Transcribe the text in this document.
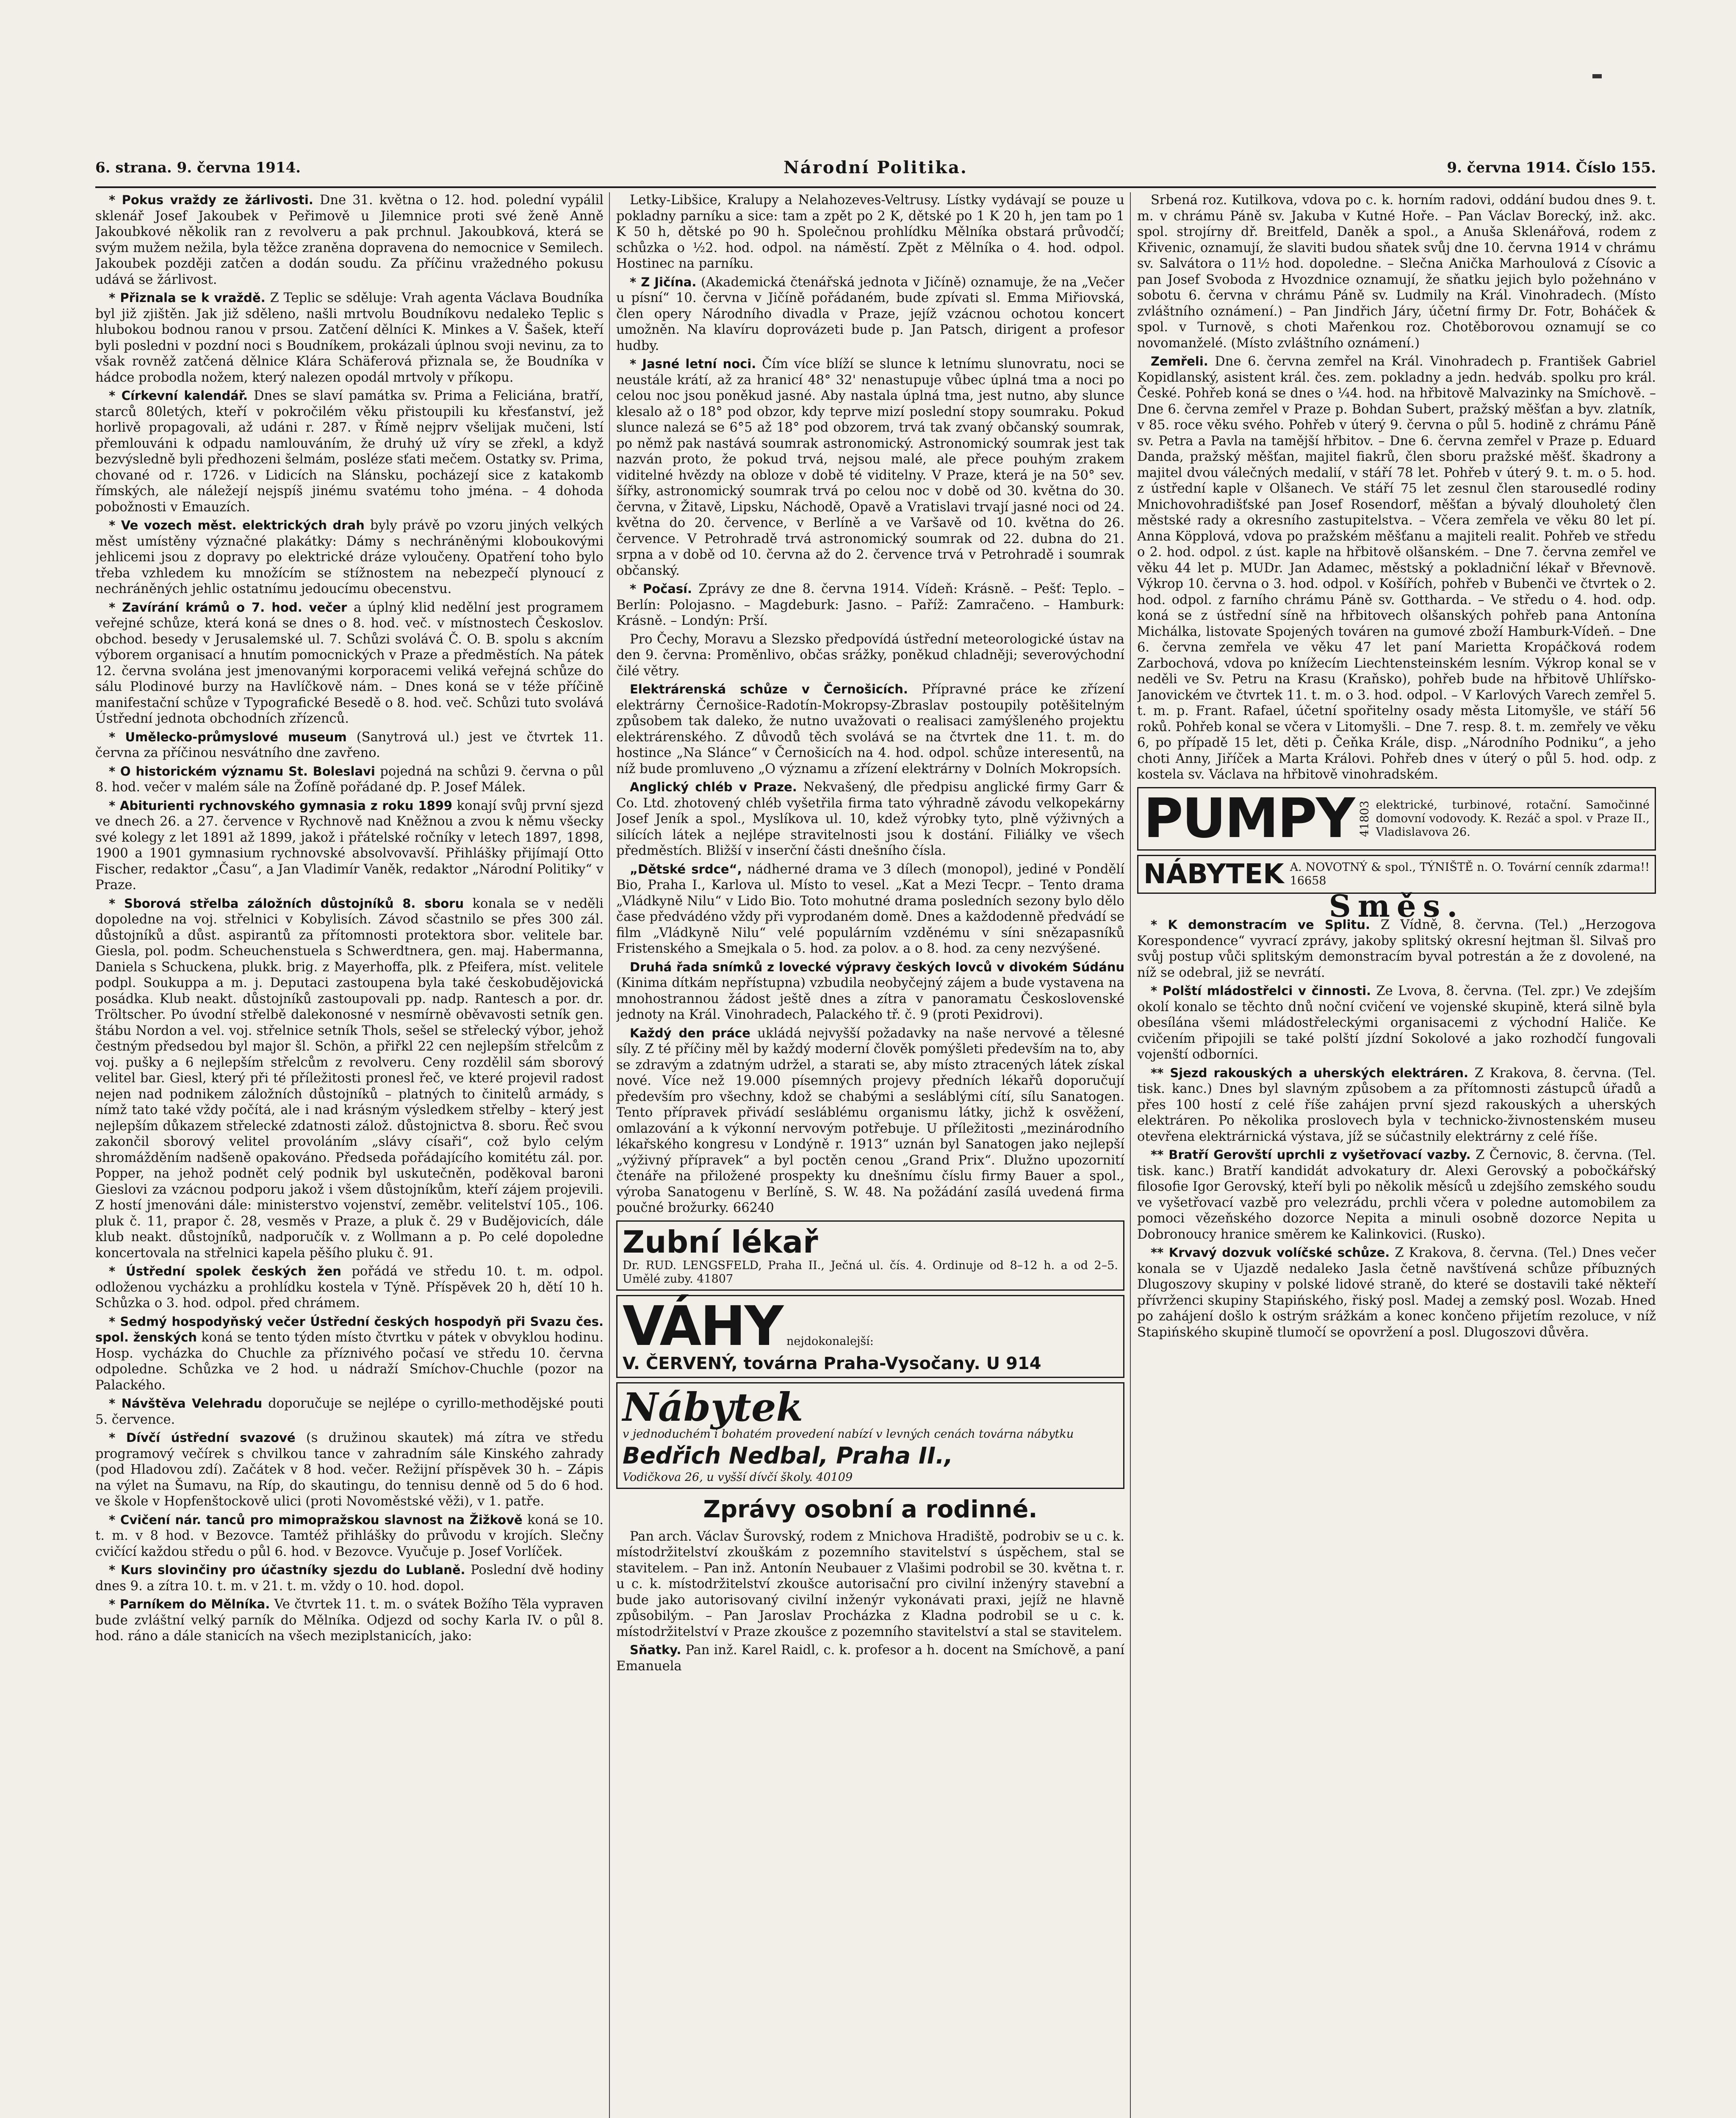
6. strana. 9. června 1914.	Národní Politika.	9. června 1914. Číslo 155.

* Pokus vraždy ze žárlivosti. Dne 31. května o 12. hod. polední vypálil sklenář Josef Jakoubek v Peřimově u Jilemnice proti své ženě Anně Jakoubkové několik ran z revolveru a pak prchnul. Jakoubková, která se svým mužem nežila, byla těžce zraněna dopravena do nemocnice v Semilech. Jakoubek později zatčen a dodán soudu. Za příčinu vražedného pokusu udává se žárlivost.

* Přiznala se k vraždě. Z Teplic se sděluje: Vrah agenta Václava Boudníka byl již zjištěn. Jak již sděleno, našli mrtvolu Boudníkovu nedaleko Teplic s hlubokou bodnou ranou v prsou. Zatčení dělníci K. Minkes a V. Šašek, kteří byli posledni v pozdní noci s Boudníkem, prokázali úplnou svoji nevinu, za to však rovněž zatčená dělnice Klára Schäferová přiznala se, že Boudníka v hádce probodla nožem, který nalezen opodál mrtvoly v příkopu.

* Církevní kalendář. Dnes se slaví památka sv. Prima a Feliciána, bratří, starců 80letých, kteří v pokročilém věku přistoupili ku křesťanství, jež horlivě propagovali, až udáni r. 287. v Římě nejprv všelijak mučeni, lstí přemlouváni k odpadu namlouváním, že druhý už víry se zřekl, a když bezvýsledně byli předhozeni šelmám, posléze sťati mečem. Ostatky sv. Prima, chované od r. 1726. v Lidicích na Slánsku, pocházejí sice z katakomb římských, ale náležejí nejspíš jinému svatému toho jména. – 4 dohoda pobožnosti v Emauzích.

* Ve vozech měst. elektrických drah byly právě po vzoru jiných velkých měst umístěny význačné plakátky: Dámy s nechráněnými kloboukovými jehlicemi jsou z dopravy po elektrické dráze vyloučeny. Opatření toho bylo třeba vzhledem ku množícím se stížnostem na nebezpečí plynoucí z nechráněných jehlic ostatnímu jedoucímu obecenstvu.

* Zavírání krámů o 7. hod. večer a úplný klid nedělní jest programem veřejné schůze, která koná se dnes o 8. hod. več. v místnostech Českoslov. obchod. besedy v Jerusalemské ul. 7. Schůzi svolává Č. O. B. spolu s akcním výborem organisací a hnutím pomocnických v Praze a předměstích. Na pátek 12. června svolána jest jmenovanými korporacemi veliká veřejná schůze do sálu Plodinové burzy na Havlíčkově nám. – Dnes koná se v téže příčině manifestační schůze v Typografické Besedě o 8. hod. več. Schůzi tuto svolává Ústřední jednota obchodních zřízenců.

* Umělecko-průmyslové museum (Sanytrová ul.) jest ve čtvrtek 11. června za příčinou nesvátního dne zavřeno.

* O historickém významu St. Boleslavi pojedná na schůzi 9. června o půl 8. hod. večer v malém sále na Žofíně pořádané dp. P. Josef Málek.

* Abiturienti rychnovského gymnasia z roku 1899 konají svůj první sjezd ve dnech 26. a 27. července v Rychnově nad Kněžnou a zvou k němu všecky své kolegy z let 1891 až 1899, jakož i přátelské ročníky v letech 1897, 1898, 1900 a 1901 gymnasium rychnovské absolvovavší. Přihlášky přijímají Otto Fischer, redaktor „Času“, a Jan Vladimír Vaněk, redaktor „Národní Politiky“ v Praze.

* Sborová střelba záložních důstojníků 8. sboru konala se v neděli dopoledne na voj. střelnici v Kobylisích. Závod sčastnilo se přes 300 zál. důstojníků a důst. aspirantů za přítomnosti protektora sbor. velitele bar. Giesla, pol. podm. Scheuchenstuela s Schwerdtnera, gen. maj. Habermanna, Daniela s Schuckena, plukk. brig. z Mayerhoffa, plk. z Pfeifera, míst. velitele podpl. Soukuppa a m. j. Deputaci zastoupena byla také českobudějovická posádka. Klub neakt. důstojníků zastoupovali pp. nadp. Rantesch a por. dr. Tröltscher. Po úvodní střelbě dalekonosné v nesmírně oběvavosti setník gen. štábu Nordon a vel. voj. střelnice setník Thols, sešel se střelecký výbor, jehož čestným předsedou byl major šl. Schön, a přiřkl 22 cen nejlepším střelcům z voj. pušky a 6 nejlepším střelcům z revolveru. Ceny rozdělil sám sborový velitel bar. Giesl, který při té příležitosti pronesl řeč, ve které projevil radost nejen nad podnikem záložních důstojníků – platných to činitelů armády, s nímž tato také vždy počítá, ale i nad krásným výsledkem střelby – který jest nejlepším důkazem střelecké zdatnosti zálož. důstojnictva 8. sboru. Řeč svou zakončil sborový velitel provoláním „slávy císaři“, což bylo celým shromážděním nadšeně opakováno. Předseda pořádajícího komitétu zál. por. Popper, na jehož podnět celý podnik byl uskutečněn, poděkoval baroni Gieslovi za vzácnou podporu jakož i všem důstojníkům, kteří zájem projevili. Z hostí jmenováni dále: ministerstvo vojenství, zeměbr. velitelství 105., 106. pluk č. 11, prapor č. 28, vesměs v Praze, a pluk č. 29 v Budějovicích, dále klub neakt. důstojníků, nadporučík v. z Wollmann a p. Po celé dopoledne koncertovala na střelnici kapela pěšího pluku č. 91.

* Ústřední spolek českých žen pořádá ve středu 10. t. m. odpol. odloženou vycházku a prohlídku kostela v Týně. Příspěvek 20 h, dětí 10 h. Schůzka o 3. hod. odpol. před chrámem.

* Sedmý hospodyňský večer Ústřední českých hospodyň při Svazu čes. spol. ženských koná se tento týden místo čtvrtku v pátek v obvyklou hodinu. Hosp. vycházka do Chuchle za příznivého počasí ve středu 10. června odpoledne. Schůzka ve 2 hod. u nádraží Smíchov-Chuchle (pozor na Palackého.

* Návštěva Velehradu doporučuje se nejlépe o cyrillo-methodějské pouti 5. července.

* Dívčí ústřední svazové (s družinou skautek) má zítra ve středu programový večírek s chvilkou tance v zahradním sále Kinského zahrady (pod Hladovou zdí). Začátek v 8 hod. večer. Režijní příspěvek 30 h. – Zápis na výlet na Šumavu, na Ríp, do skautingu, do tennisu denně od 5 do 6 hod. ve škole v Hopfenštockově ulici (proti Novoměstské věži), v 1. patře.

* Cvičení nár. tanců pro mimopražskou slavnost na Žižkově koná se 10. t. m. v 8 hod. v Bezovce. Tamtéž přihlášky do průvodu v krojích. Slečny cvičící každou středu o půl 6. hod. v Bezovce. Vyučuje p. Josef Vorlíček.

* Kurs slovinčiny pro účastníky sjezdu do Lublaně. Poslední dvě hodiny dnes 9. a zítra 10. t. m. v 21. t. m. vždy o 10. hod. dopol.

* Parníkem do Mělníka. Ve čtvrtek 11. t. m. o svátek Božího Těla vypraven bude zvláštní velký parník do Mělníka. Odjezd od sochy Karla IV. o půl 8. hod. ráno a dále stanicích na všech meziplstanicích, jako:

Letky-Libšice, Kralupy a Nelahozeves-Veltrusy. Lístky vydávají se pouze u pokladny parníku a sice: tam a zpět po 2 K, dětské po 1 K 20 h, jen tam po 1 K 50 h, dětské po 90 h. Společnou prohlídku Mělníka obstará průvodčí; schůzka o ½2. hod. odpol. na náměstí. Zpět z Mělníka o 4. hod. odpol. Hostinec na parníku.

* Z Jičína. (Akademická čtenářská jednota v Jičíně) oznamuje, že na „Večer u písní“ 10. června v Jičíně pořádaném, bude zpívati sl. Emma Miřiovská, člen opery Národního divadla v Praze, jejíž vzácnou ochotou koncert umožněn. Na klavíru doprovázeti bude p. Jan Patsch, dirigent a profesor hudby.

* Jasné letní noci. Čím více blíží se slunce k letnímu slunovratu, noci se neustále krátí, až za hranicí 48° 32' nenastupuje vůbec úplná tma a noci po celou noc jsou poněkud jasné. Aby nastala úplná tma, jest nutno, aby slunce klesalo až o 18° pod obzor, kdy teprve mizí poslední stopy soumraku. Pokud slunce nalezá se 6°5 až 18° pod obzorem, trvá tak zvaný občanský soumrak, po němž pak nastává soumrak astronomický. Astronomický soumrak jest tak nazván proto, že pokud trvá, nejsou malé, ale přece pouhým zrakem viditelné hvězdy na obloze v době té viditelny. V Praze, která je na 50° sev. šířky, astronomický soumrak trvá po celou noc v době od 30. května do 30. června, v Žitavě, Lipsku, Náchodě, Opavě a Vratislavi trvají jasné noci od 24. května do 20. července, v Berlíně a ve Varšavě od 10. května do 26. července. V Petrohradě trvá astronomický soumrak od 22. dubna do 21. srpna a v době od 10. června až do 2. července trvá v Petrohradě i soumrak občanský.

* Počasí. Zprávy ze dne 8. června 1914. Vídeň: Krásně. – Pešť: Teplo. – Berlín: Polojasno. – Magdeburk: Jasno. – Paříž: Zamračeno. – Hamburk: Krásně. – Londýn: Prší.

Pro Čechy, Moravu a Slezsko předpovídá ústřední meteorologické ústav na den 9. června: Proměnlivo, občas srážky, poněkud chladněji; severovýchodní čilé větry.

Elektrárenská schůze v Černošicích. Přípravné práce ke zřízení elektrárny Černošice-Radotín-Mokropsy-Zbraslav postoupily potěšitelným způsobem tak daleko, že nutno uvažovati o realisaci zamýšleného projektu elektrárenského. Z důvodů těch svolává se na čtvrtek dne 11. t. m. do hostince „Na Slánce“ v Černošicích na 4. hod. odpol. schůze interesentů, na níž bude promluveno „O významu a zřízení elektrárny v Dolních Mokropsích.

Anglický chléb v Praze. Nekvašený, dle předpisu anglické firmy Garr & Co. Ltd. zhotovený chléb vyšetřila firma tato výhradně závodu velkopekárny Josef Jeník a spol., Myslíkova ul. 10, kdež výrobky tyto, plně výživných a silících látek a nejlépe stravitelnosti jsou k dostání. Filiálky ve všech předměstích. Bližší v inserční části dnešního čísla.

„Dětské srdce“, nádherné drama ve 3 dílech (monopol), jediné v Pondělí Bio, Praha I., Karlova ul. Místo to vesel. „Kat a Mezi Tecpr. – Tento drama „Vládkyně Nilu“ v Lido Bio. Toto mohutné drama posledních sezony bylo dělo čase předvádéno vždy při vyprodaném domě. Dnes a každodenně předvádí se film „Vládkyně Nilu“ velé populárním vzděnému v síni snězapasníků Fristenského a Smejkala o 5. hod. za polov. a o 8. hod. za ceny nezvýšené.

Druhá řada snímků z lovecké výpravy českých lovců v divokém Súdánu (Kinima dítkám nepřístupna) vzbudila neobyčejný zájem a bude vystavena na mnohostrannou žádost ještě dnes a zítra v panoramatu Československé jednoty na Král. Vinohradech, Palackého tř. č. 9 (proti Pexidrovi).

Každý den práce ukládá nejvyšší požadavky na naše nervové a tělesné síly. Z té příčiny měl by každý moderní člověk pomýšleti především na to, aby se zdravým a zdatným udržel, a starati se, aby místo ztracených látek získal nové. Více než 19.000 písemných projevy předních lékařů doporučují především pro všechny, kdož se chabými a sesláblými cítí, sílu Sanatogen. Tento přípravek přivádí sesláblému organismu látky, jichž k osvěžení, omlazování a k výkonní nervovým potřebuje. U příležitosti „mezinárodního lékařského kongresu v Londýně r. 1913“ uznán byl Sanatogen jako nejlepší „výživný přípravek“ a byl poctěn cenou „Grand Prix“. Dlužno upozornití čtenáře na přiložené prospekty ku dnešnímu číslu firmy Bauer a spol., výroba Sanatogenu v Berlíně, S. W. 48. Na požádání zasílá uvedená firma poučné brožurky. 66240

Zubní lékař
Dr. RUD. LENGSFELD, Praha II., Ječná ul. čís. 4. Ordinuje od 8–12 h. a od 2–5. Umělé zuby. 41807
VÁHY nejdokonalejší:
V. ČERVENÝ, továrna Praha-Vysočany. U 914
Nábytek
v jednoduchém i bohatém provedení nabízí v levných cenách továrna nábytku
Bedřich Nedbal, Praha II.,
Vodičkova 26, u vyšší dívčí školy. 40109
Zprávy osobní a rodinné.

Pan arch. Václav Šurovský, rodem z Mnichova Hradiště, podrobiv se u c. k. místodržitelství zkouškám z pozemního stavitelství s úspěchem, stal se stavitelem. – Pan inž. Antonín Neubauer z Vlašimi podrobil se 30. května t. r. u c. k. místodržitelství zkoušce autorisační pro civilní inženýry stavební a bude jako autorisovaný civilní inženýr vykonávati praxi, jejíž ne hlavně způsobilým. – Pan Jaroslav Procházka z Kladna podrobil se u c. k. místodržitelství v Praze zkoušce z pozemního stavitelství a stal se stavitelem.

Sňatky. Pan inž. Karel Raidl, c. k. profesor a h. docent na Smíchově, a paní Emanuela

Srbená roz. Kutilkova, vdova po c. k. horním radovi, oddání budou dnes 9. t. m. v chrámu Páně sv. Jakuba v Kutné Hoře. – Pan Václav Borecký, inž. akc. spol. strojírny dř. Breitfeld, Daněk a spol., a Anuša Sklenářová, rodem z Křivenic, oznamují, že slaviti budou sňatek svůj dne 10. června 1914 v chrámu sv. Salvátora o 11½ hod. dopoledne. – Slečna Anička Marhoulová z Císovic a pan Josef Svoboda z Hvozdnice oznamují, že sňatku jejich bylo požehnáno v sobotu 6. června v chrámu Páně sv. Ludmily na Král. Vinohradech. (Místo zvláštního oznámení.) – Pan Jindřich Járy, účetní firmy Dr. Fotr, Boháček & spol. v Turnově, s choti Mařenkou roz. Chotěborovou oznamují se co novomanželé. (Místo zvláštního oznámení.)

Zemřeli. Dne 6. června zemřel na Král. Vinohradech p. František Gabriel Kopidlanský, asistent král. čes. zem. pokladny a jedn. hedváb. spolku pro král. České. Pohřeb koná se dnes o ¼4. hod. na hřbitově Malvazinky na Smíchově. – Dne 6. června zemřel v Praze p. Bohdan Subert, pražský měšťan a byv. zlatník, v 85. roce věku svého. Pohřeb v úterý 9. června o půl 5. hodině z chrámu Páně sv. Petra a Pavla na tamější hřbitov. – Dne 6. června zemřel v Praze p. Eduard Danda, pražský měšťan, majitel fiakrů, člen sboru pražské měšť. škadrony a majitel dvou válečných medalií, v stáří 78 let. Pohřeb v úterý 9. t. m. o 5. hod. z ústřední kaple v Olšanech. Ve stáří 75 let zesnul člen starousedlé rodiny Mnichovohradišťské pan Josef Rosendorf, měšťan a bývalý dlouholetý člen městské rady a okresního zastupitelstva. – Včera zemřela ve věku 80 let pí. Anna Köpplová, vdova po pražském měšťanu a majiteli realit. Pohřeb ve středu o 2. hod. odpol. z úst. kaple na hřbitově olšanském. – Dne 7. června zemřel ve věku 44 let p. MUDr. Jan Adamec, městský a pokladniční lékař v Břevnově. Výkrop 10. června o 3. hod. odpol. v Košířích, pohřeb v Bubenči ve čtvrtek o 2. hod. odpol. z farního chrámu Páně sv. Gottharda. – Ve středu o 4. hod. odp. koná se z ústřední síně na hřbitovech olšanských pohřeb pana Antonína Michálka, listovate Spojených továren na gumové zboží Hamburk-Vídeň. – Dne 6. června zemřela ve věku 47 let paní Marietta Kropáčková rodem Zarbochová, vdova po knížecím Liechtensteinském lesním. Výkrop konal se v neděli ve Sv. Petru na Krasu (Kraňsko), pohřeb bude na hřbitově Uhlířsko-Janovickém ve čtvrtek 11. t. m. o 3. hod. odpol. – V Karlových Varech zemřel 5. t. m. p. Frant. Rafael, účetní spořitelny osady města Litomyšle, ve stáří 56 roků. Pohřeb konal se včera v Litomyšli. – Dne 7. resp. 8. t. m. zemřely ve věku 6, po případě 15 let, děti p. Čeňka Krále, disp. „Národního Podniku“, a jeho choti Anny, Jiříček a Marta Královi. Pohřeb dnes v úterý o půl 5. hod. odp. z kostela sv. Václava na hřbitově vinohradském.

PUMPY 41803 elektrické, turbinové, rotační. Samočinné domovní vodovody. K. Rezáč a spol. v Praze II., Vladislavova 26.
NÁBYTEK A. NOVOTNÝ & spol., TÝNIŠTĚ n. O. Tovární cenník zdarma!! 16658
Směs.

* K demonstracím ve Splitu. Z Vídně, 8. června. (Tel.) „Herzogova Korespondence“ vyvrací zprávy, jakoby splitský okresní hejtman šl. Silvaš pro svůj postup vůči splitským demonstracím byval potrestán a že z dovolené, na níž se odebral, již se nevrátí.

* Polští mládostřelci v činnosti. Ze Lvova, 8. června. (Tel. zpr.) Ve zdejším okolí konalo se těchto dnů noční cvičení ve vojenské skupině, která silně byla obesílána všemi mládostřeleckými organisacemi z východní Haliče. Ke cvičením připojili se také polští jízdní Sokolové a jako rozhodčí fungovali vojenští odborníci.

** Sjezd rakouských a uherských elektráren. Z Krakova, 8. června. (Tel. tisk. kanc.) Dnes byl slavným způsobem a za přítomnosti zástupců úřadů a přes 100 hostí z celé říše zahájen první sjezd rakouských a uherských elektráren. Po několika proslovech byla v technicko-živnostenském museu otevřena elektrárnická výstava, jíž se súčastnily elektrárny z celé říše.

** Bratří Gerovští uprchli z vyšetřovací vazby. Z Černovic, 8. června. (Tel. tisk. kanc.) Bratří kandidát advokatury dr. Alexi Gerovský a pobočkářský filosofie Igor Gerovský, kteří byli po několik měsíců u zdejšího zemského soudu ve vyšetřovací vazbě pro velezrádu, prchli včera v poledne automobilem za pomoci vězeňského dozorce Nepita a minuli osobně dozorce Nepita u Dobronoucy hranice směrem ke Kalinkovici. (Rusko).

** Krvavý dozvuk volíčské schůze. Z Krakova, 8. června. (Tel.) Dnes večer konala se v Ujazdě nedaleko Jasla četně navštívená schůze příbuzných Dlugoszovy skupiny v polské lidové straně, do které se dostavili také někteří přívrženci skupiny Stapińského, řiský posl. Madej a zemský posl. Wozab. Hned po zahájení došlo k ostrým srážkám a konec končeno přijetím rezoluce, v níž Stapińského skupině tlumočí se opovržení a posl. Dlugoszovi důvěra.
